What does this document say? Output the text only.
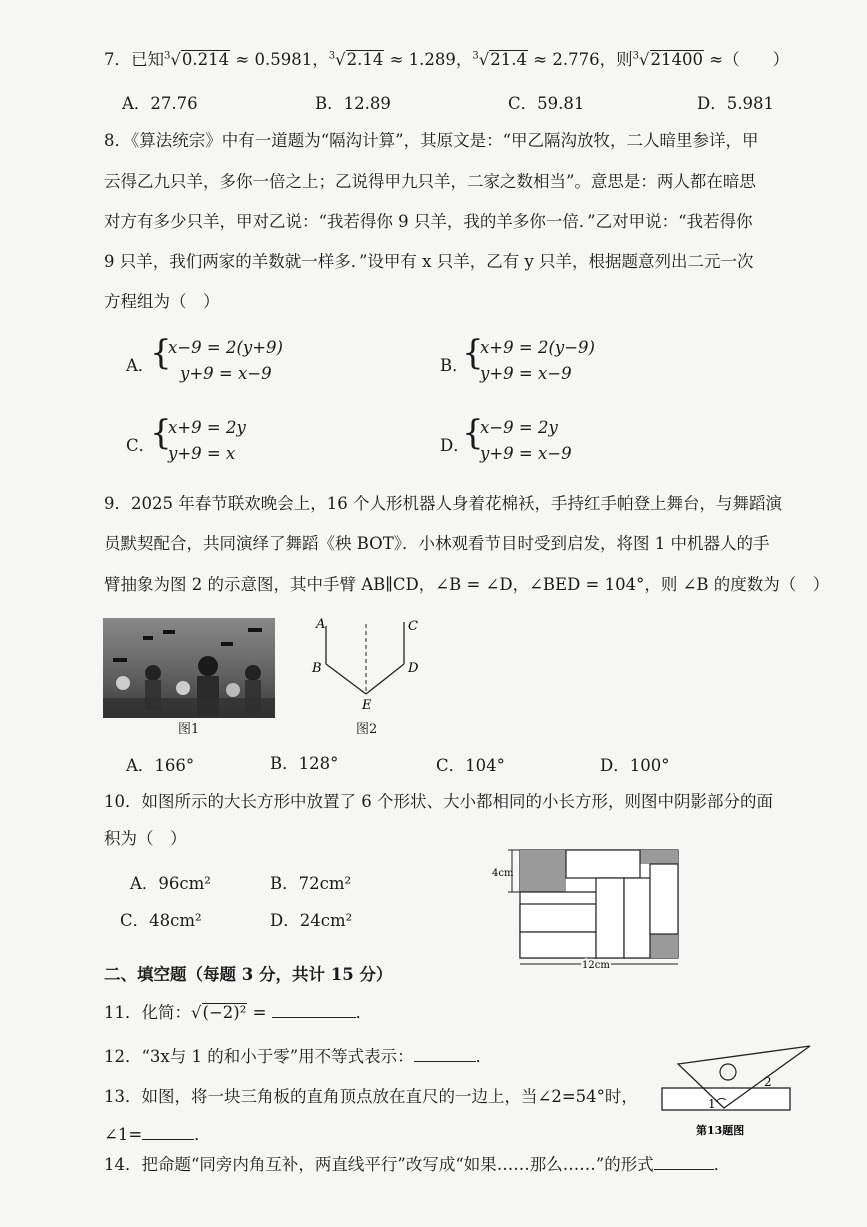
7．已知$^3$√0.214 ≈ 0.5981，$^3$√2.14 ≈ 1.289，$^3$√21.4 ≈ 2.776，则$^3$√21400 ≈（　　）
A．27.76	B．12.89	C．59.81	D．5.981
8．《算法统宗》中有一道题为“隔沟计算”，其原文是：“甲乙隔沟放牧，二人暗里参详，甲
云得乙九只羊，多你一倍之上；乙说得甲九只羊，二家之数相当”。意思是：两人都在暗思
对方有多少只羊，甲对乙说：“我若得你 9 只羊，我的羊多你一倍．”乙对甲说：“我若得你
9 只羊，我们两家的羊数就一样多．”设甲有 x 只羊，乙有 y 只羊，根据题意列出二元一次
方程组为（　）
A．
{
x−9 = 2(y+9)
y+9 = x−9	B．
{
x+9 = 2(y−9)
y+9 = x−9
C．
{
x+9 = 2y
y+9 = x	D．
{
x−9 = 2y
y+9 = x−9
9．2025 年春节联欢晚会上，16 个人形机器人身着花棉袄，手持红手帕登上舞台，与舞蹈演
员默契配合，共同演绎了舞蹈《秧 BOT》．小林观看节目时受到启发，将图 1 中机器人的手
臂抽象为图 2 的示意图，其中手臂 AB∥CD，∠B = ∠D，∠BED = 104°，则 ∠B 的度数为（　）
图1
A
B
C
D
E
图2
A．166°	B．128°	C．104°	D．100°
10．如图所示的大长方形中放置了 6 个形状、大小都相同的小长方形，则图中阴影部分的面
积为（　）
A．96cm²	B．72cm²
C．48cm²	D．24cm²
4cm
12cm
二、填空题（每题 3 分，共计 15 分）
11．化简：√(−2)² =	．
12．“3x与 1 的和小于零”用不等式表示：	．
13．如图，将一块三角板的直角顶点放在直尺的一边上，当∠2=54°时，
∠1=	．
1
2
第13题图
14．把命题“同旁内角互补，两直线平行”改写成“如果……那么……”的形式	．
